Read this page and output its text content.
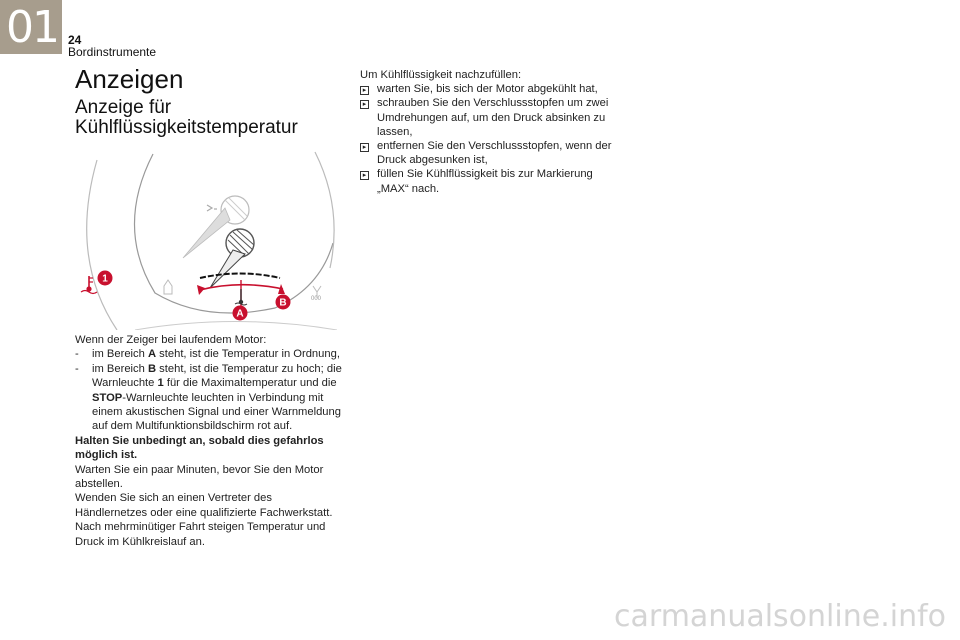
01 24
Bordinstrumente
Anzeigen
Anzeige für
Kühlflüssigkeitstemperatur
000
1
B
A

Wenn der Zeiger bei laufendem Motor:

-	im Bereich A steht, ist die Temperatur in Ordnung,
-	im Bereich B steht, ist die Temperatur zu hoch; die Warnleuchte 1 für die Maximaltemperatur und die STOP-Warnleuchte leuchten in Verbindung mit einem akustischen Signal und einer Warnmeldung auf dem Multifunktionsbildschirm rot auf.

Halten Sie unbedingt an, sobald dies gefahrlos möglich ist.

Warten Sie ein paar Minuten, bevor Sie den Motor abstellen.

Wenden Sie sich an einen Vertreter des Händlernetzes oder eine qualifizierte Fachwerkstatt.

Nach mehrminütiger Fahrt steigen Temperatur und Druck im Kühlkreislauf an.

Um Kühlflüssigkeit nachzufüllen:

▸ warten Sie, bis sich der Motor abgekühlt hat,
▸ schrauben Sie den Verschlussstopfen um zwei Umdrehungen auf, um den Druck absinken zu lassen,
▸ entfernen Sie den Verschlussstopfen, wenn der Druck abgesunken ist,
▸ füllen Sie Kühlflüssigkeit bis zur Markierung „MAX“ nach.
carmanualsonline.info
